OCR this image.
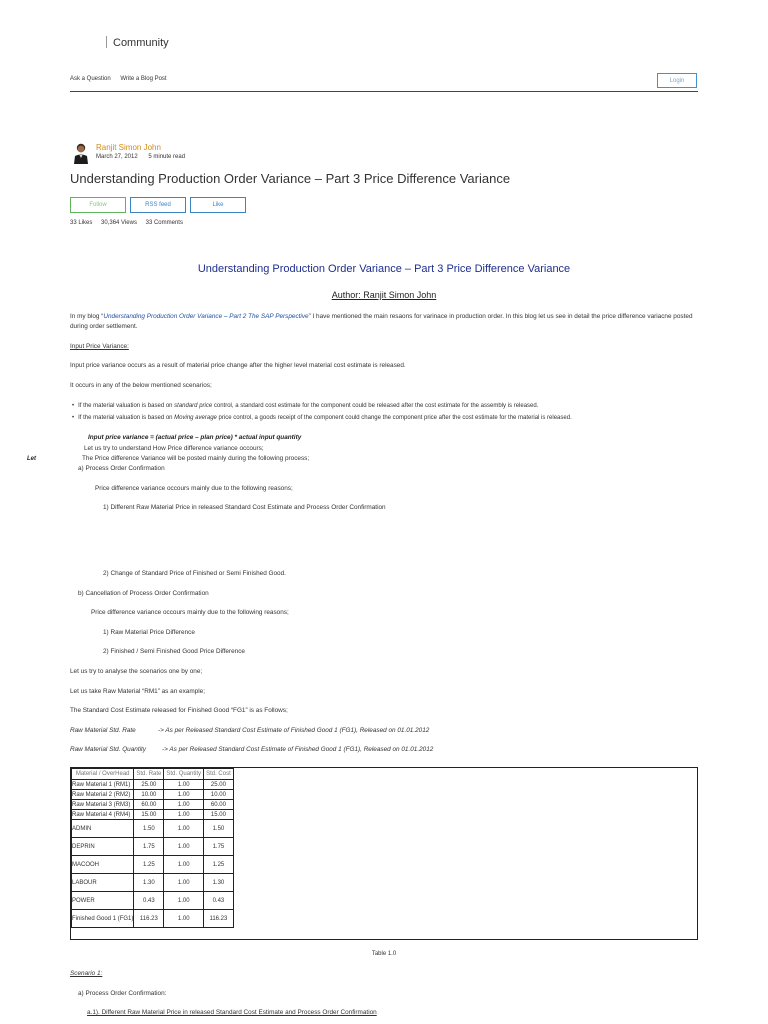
Community
Ask a Question Write a Blog Post	Login
Ranjit Simon John
March 27, 2012 5 minute read
Understanding Production Order Variance – Part 3 Price Difference Variance
Follow	RSS feed	Like
33 Likes 30,364 Views 33 Comments
Understanding Production Order Variance – Part 3 Price Difference Variance
Author: Ranjit Simon John
In my blog “Understanding Production Order Variance – Part 2 The SAP Perspective” I have mentioned the main resaons for varinace in production order. In this blog let us see in detail the price difference variacne posted during order settlement.
Input Price Variance:
Input price variance occurs as a result of material price change after the higher level material cost estimate is released.
It occurs in any of the below mentioned scenarios;
• If the material valuation is based on standard price control, a standard cost estimate for the component could be released after the cost estimate for the assembly is released.
• If the material valuation is based on Moving average price control, a goods receipt of the component could change the component price after the cost estimate for the material is released.
Input price variance = (actual price – plan price) * actual input quantity
Let us try to understand How Price difference variance occours;
Let	The Price difference Variance will be posted mainly during the following process;
a) Process Order Confirmation
Price difference variance occours mainly due to the following reasons;
1) Different Raw Material Price in released Standard Cost Estimate and Process Order Confirmation
2) Change of Standard Price of Finished or Semi Finished Good.
b) Cancellation of Process Order Confirmation
Price difference variance occours mainly due to the following reasons;
1) Raw Material Price Difference
2) Finished / Semi Finished Good Price Difference
Let us try to analyse the scenarios one by one;
Let us take Raw Material “RM1” as an example;
The Standard Cost Estimate released for Finished Good “FG1” is as Follows;
Raw Material Std. Rate	-> As per Released Standard Cost Estimate of Finished Good 1 (FG1), Released on 01.01.2012
Raw Material Std. Quantity -> As per Released Standard Cost Estimate of Finished Good 1 (FG1), Released on 01.01.2012
Material / OverHead	Std. Rate	Std. Quantity	Std. Cost
Raw Material 1 (RM1)	25.00	1.00	25.00
Raw Material 2 (RM2)	10.00	1.00	10.00
Raw Material 3 (RM3)	60.00	1.00	60.00
Raw Material 4 (RM4)	15.00	1.00	15.00
ADMIN	1.50	1.00	1.50
DEPRIN	1.75	1.00	1.75
MACOOH	1.25	1.00	1.25
LABOUR	1.30	1.00	1.30
POWER	0.43	1.00	0.43
Finished Good 1 (FG1)	116.23	1.00	116.23
Table 1.0
Scenario 1:
a) Process Order Confirmation:
a.1). Different Raw Material Price in released Standard Cost Estimate and Process Order Confirmation
